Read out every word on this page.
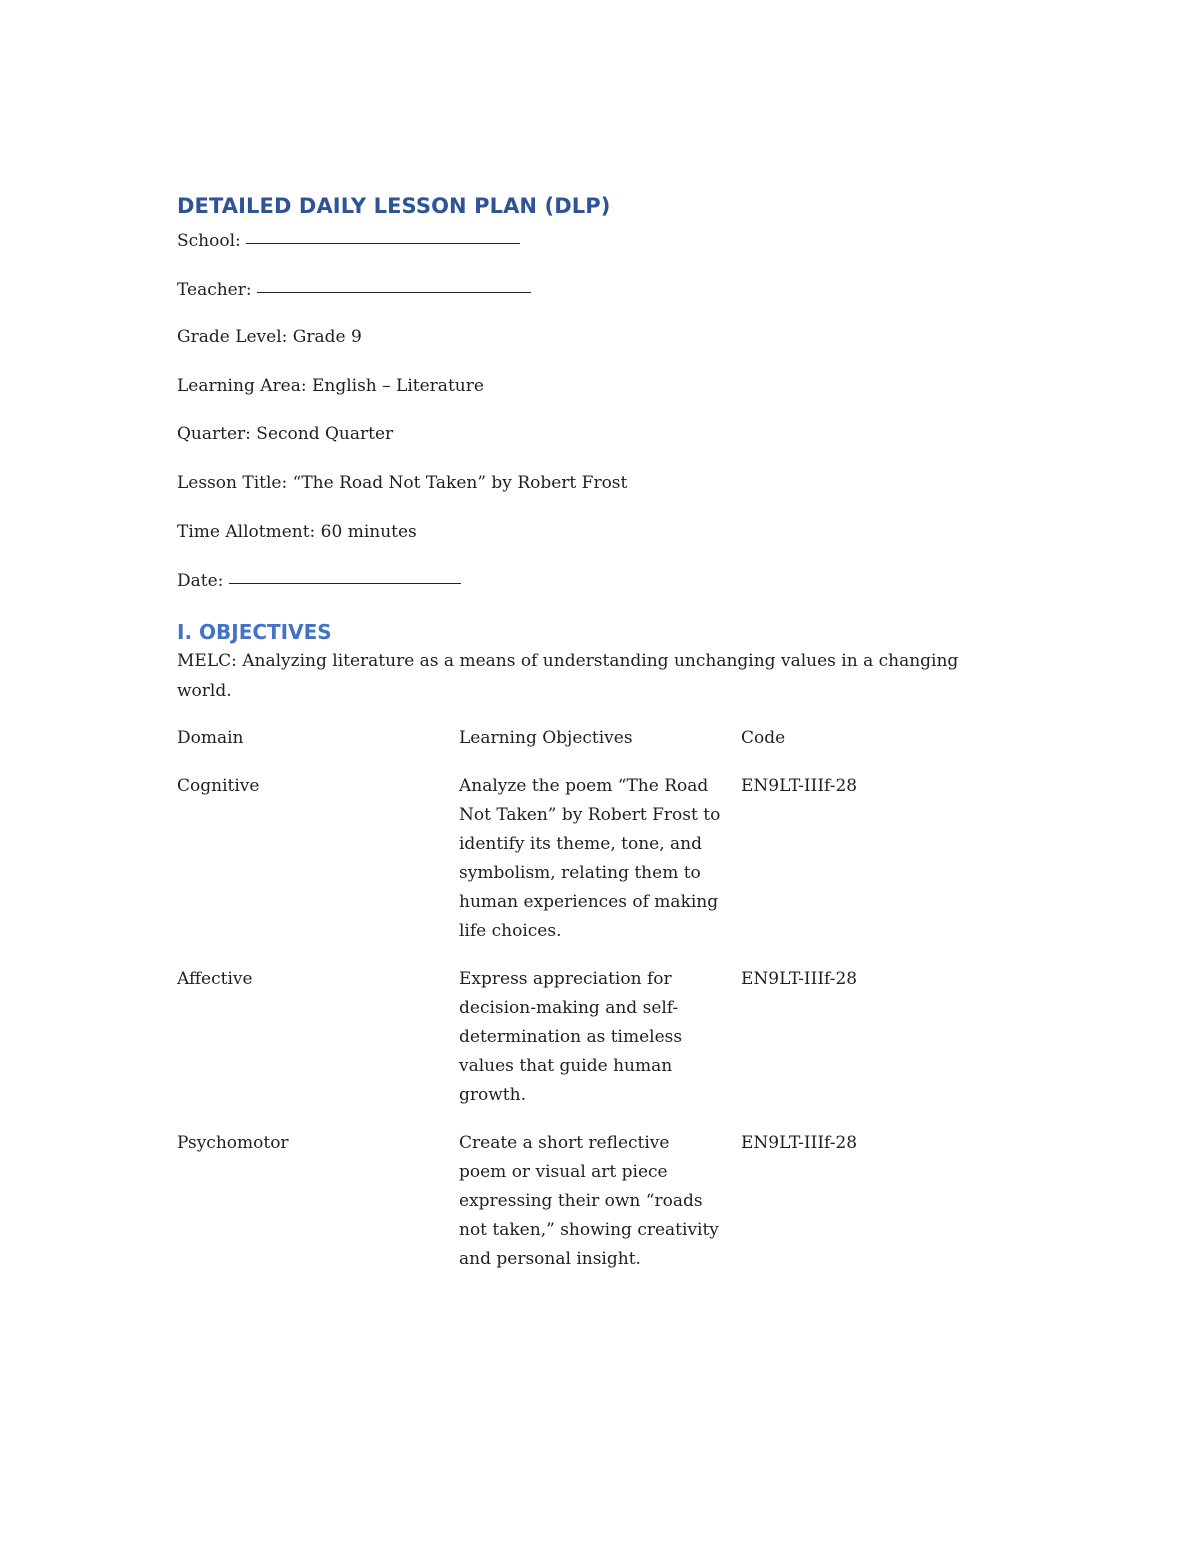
DETAILED DAILY LESSON PLAN (DLP)

School:

Teacher:

Grade Level: Grade 9

Learning Area: English – Literature

Quarter: Second Quarter

Lesson Title: “The Road Not Taken” by Robert Frost

Time Allotment: 60 minutes

Date:

I. OBJECTIVES

MELC: Analyzing literature as a means of understanding unchanging values in a changing world.

Domain	Learning Objectives	Code
Cognitive	Analyze the poem “The Road Not Taken” by Robert Frost to identify its theme, tone, and symbolism, relating them to human experiences of making life choices.	EN9LT-IIIf-28
Affective	Express appreciation for decision-making and self-determination as timeless values that guide human growth.	EN9LT-IIIf-28
Psychomotor	Create a short reflective poem or visual art piece expressing their own “roads not taken,” showing creativity and personal insight.	EN9LT-IIIf-28
